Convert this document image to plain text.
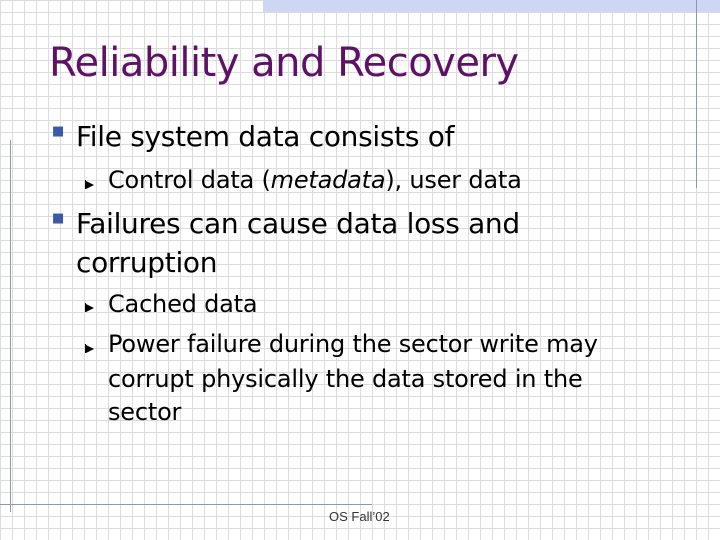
Reliability and Recovery
■ File system data consists of
Control data (metadata), user data
■ Failures can cause data loss and
corruption
Cached data
Power failure during the sector write may
corrupt physically the data stored in the
sector
OS Fall’02
